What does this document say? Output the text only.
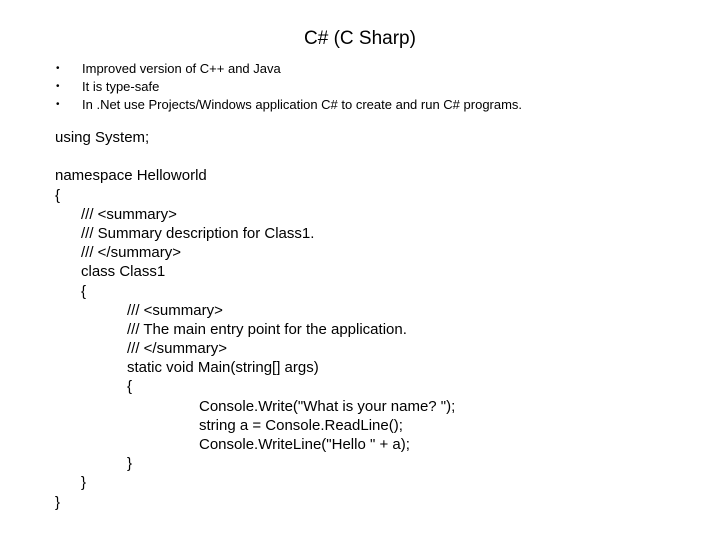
C# (C Sharp)
• Improved version of C++ and Java
• It is type-safe
• In .Net use Projects/Windows application C# to create and run C# programs.
using System;
namespace Helloworld
{
/// <summary>
/// Summary description for Class1.
/// </summary>
class Class1
{
/// <summary>
/// The main entry point for the application.
/// </summary>
static void Main(string[] args)
{
Console.Write("What is your name? ");
string a = Console.ReadLine();
Console.WriteLine("Hello " + a);
}
}
}
